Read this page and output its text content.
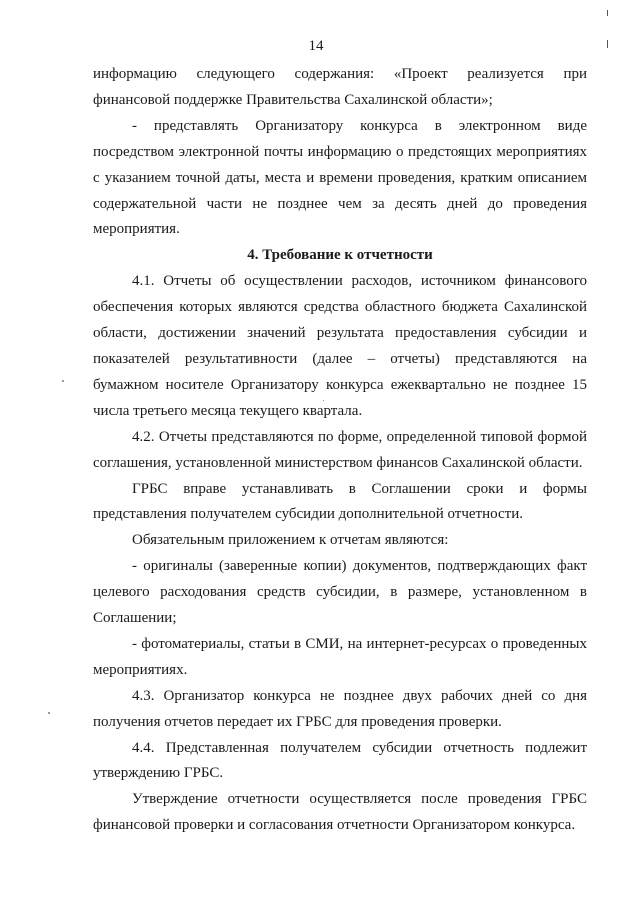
14

информацию следующего содержания: «Проект реализуется при финансовой поддержке Правительства Сахалинской области»;

- представлять Организатору конкурса в электронном виде посредством электронной почты информацию о предстоящих мероприятиях с указанием точной даты, места и времени проведения, кратким описанием содержательной части не позднее чем за десять дней до проведения мероприятия.

4. Требование к отчетности

4.1. Отчеты об осуществлении расходов, источником финансового обеспечения которых являются средства областного бюджета Сахалинской области, достижении значений результата предоставления субсидии и показателей результативности (далее – отчеты) представляются на бумажном носителе Организатору конкурса ежеквартально не позднее 15 числа третьего месяца текущего квартала.

4.2. Отчеты представляются по форме, определенной типовой формой соглашения, установленной министерством финансов Сахалинской области.

ГРБС вправе устанавливать в Соглашении сроки и формы представления получателем субсидии дополнительной отчетности.

Обязательным приложением к отчетам являются:

- оригиналы (заверенные копии) документов, подтверждающих факт целевого расходования средств субсидии, в размере, установленном в Соглашении;

- фотоматериалы, статьи в СМИ, на интернет-ресурсах о проведенных мероприятиях.

4.3. Организатор конкурса не позднее двух рабочих дней со дня получения отчетов передает их ГРБС для проведения проверки.

4.4. Представленная получателем субсидии отчетность подлежит утверждению ГРБС.

Утверждение отчетности осуществляется после проведения ГРБС финансовой проверки и согласования отчетности Организатором конкурса.
